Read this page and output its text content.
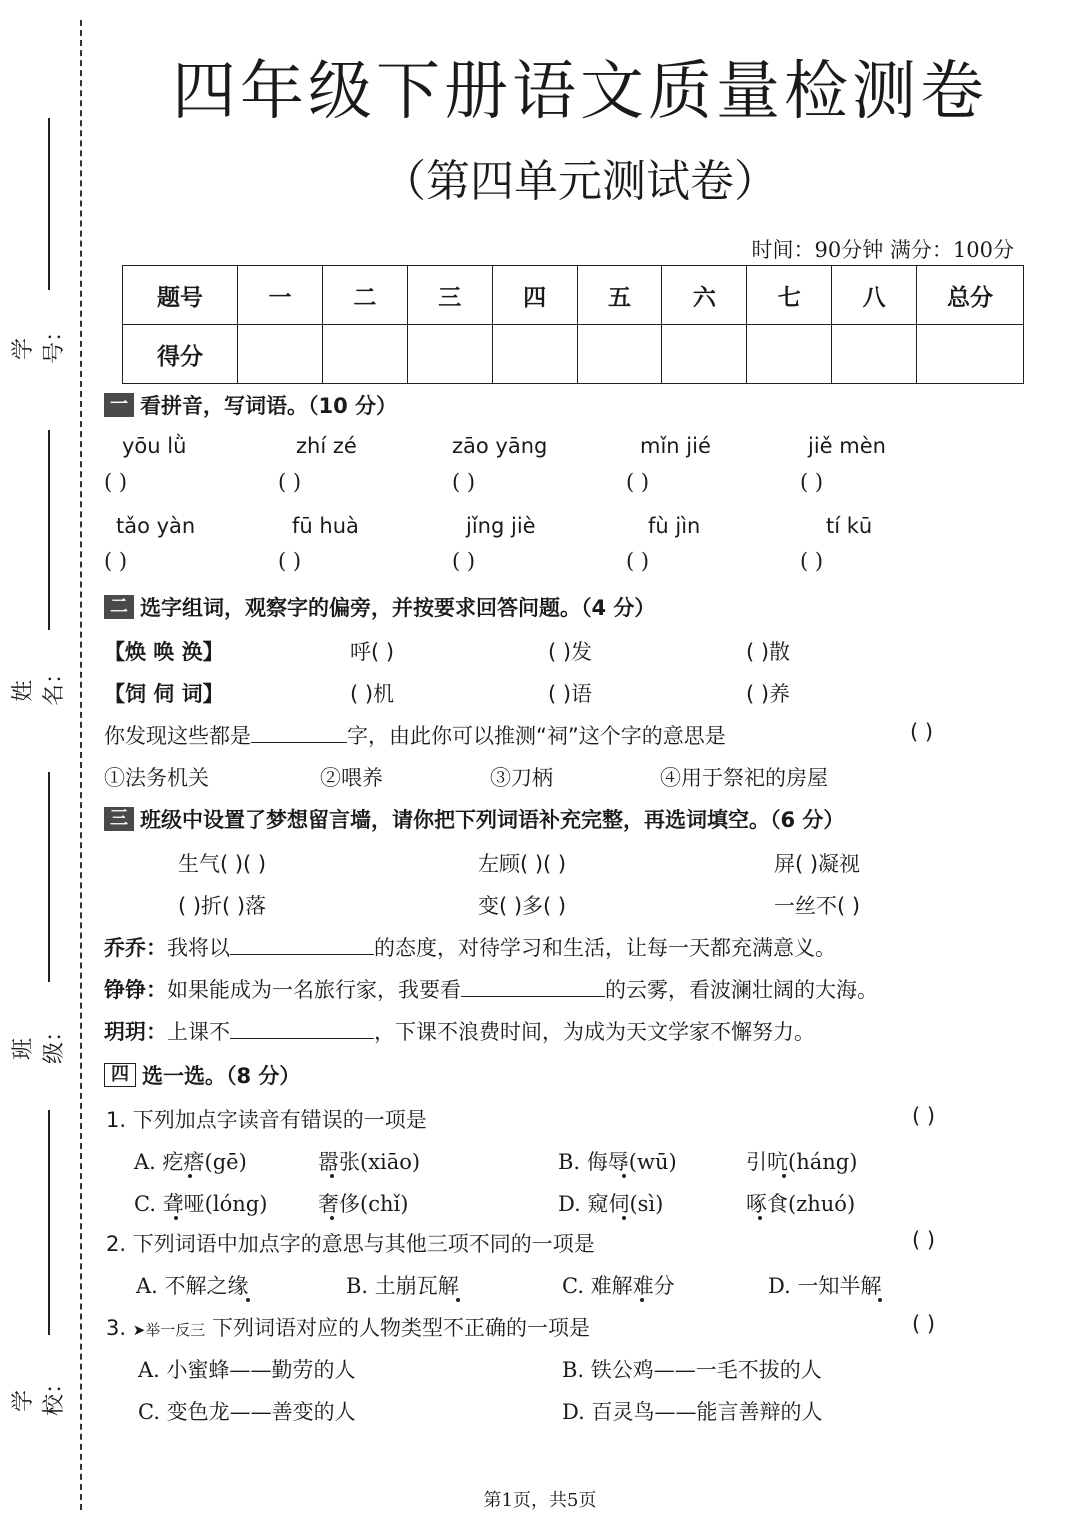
学号：
姓名：
班级：
学校：
四年级下册语文质量检测卷
（第四单元测试卷）
时间：90分钟 满分：100分
题号	一	二	三	四	五	六	七	八	总分
得分									
一 看拼音，写词语。（10 分）
yōu lǜ	zhí zé	zāo yāng	mǐn jié	jiě mèn
( )	( )	( )	( )	( )
tǎo yàn	fū huà	jǐng jiè	fù jìn	tí kū
( )	( )	( )	( )	( )
二 选字组词，观察字的偏旁，并按要求回答问题。（4 分）
【焕 唤 涣】	呼( )	( )发	( )散
【饲 伺 词】	( )机	( )语	( )养
你发现这些都是	字，由此你可以推测“祠”这个字的意思是	( )
①法务机关	②喂养	③刀柄	④用于祭祀的房屋
三 班级中设置了梦想留言墙，请你把下列词语补充完整，再选词填空。（6 分）
生气( )( )	左顾( )( )	屏( )凝视
( )折( )落	变( )多( )	一丝不( )
乔乔：我将以	的态度，对待学习和生活，让每一天都充满意义。
铮铮：如果能成为一名旅行家，我要看	的云雾，看波澜壮阔的大海。
玥玥：上课不	，下课不浪费时间，为成为天文学家不懈努力。
四 选一选。（8 分）
1. 下列加点字读音有错误的一项是	( )
A. 疙瘩(gē)	嚣张(xiāo)	B. 侮辱(wū)	引吭(háng)
C. 聋哑(lóng) 奢侈(chǐ)	D. 窥伺(sì)	啄食(zhuó)
2. 下列词语中加点字的意思与其他三项不同的一项是	( )
A. 不解之缘	B. 土崩瓦解	C. 难解难分	D. 一知半解
3. ➤举一反三 下列词语对应的人物类型不正确的一项是	( )
A. 小蜜蜂——勤劳的人	B. 铁公鸡——一毛不拔的人
C. 变色龙——善变的人	D. 百灵鸟——能言善辩的人
第1页，共5页
